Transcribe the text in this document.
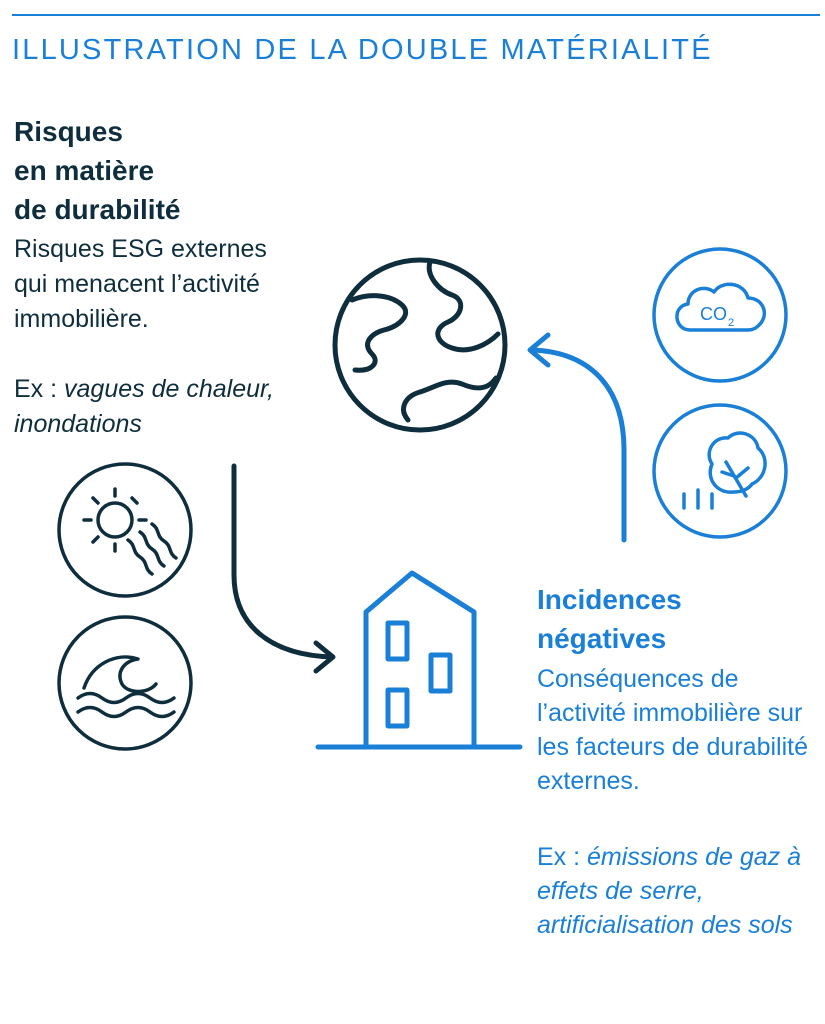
ILLUSTRATION DE LA DOUBLE MATÉRIALITÉ
Risques
en matière
de durabilité
Risques ESG externes qui menacent l’activité immobilière.
Ex : vagues de chaleur, inondations
Incidences
négatives
Conséquences de l’activité immobilière sur les facteurs de durabilité externes.
Ex : émissions de gaz à effets de serre, artificialisation des sols
CO 2
